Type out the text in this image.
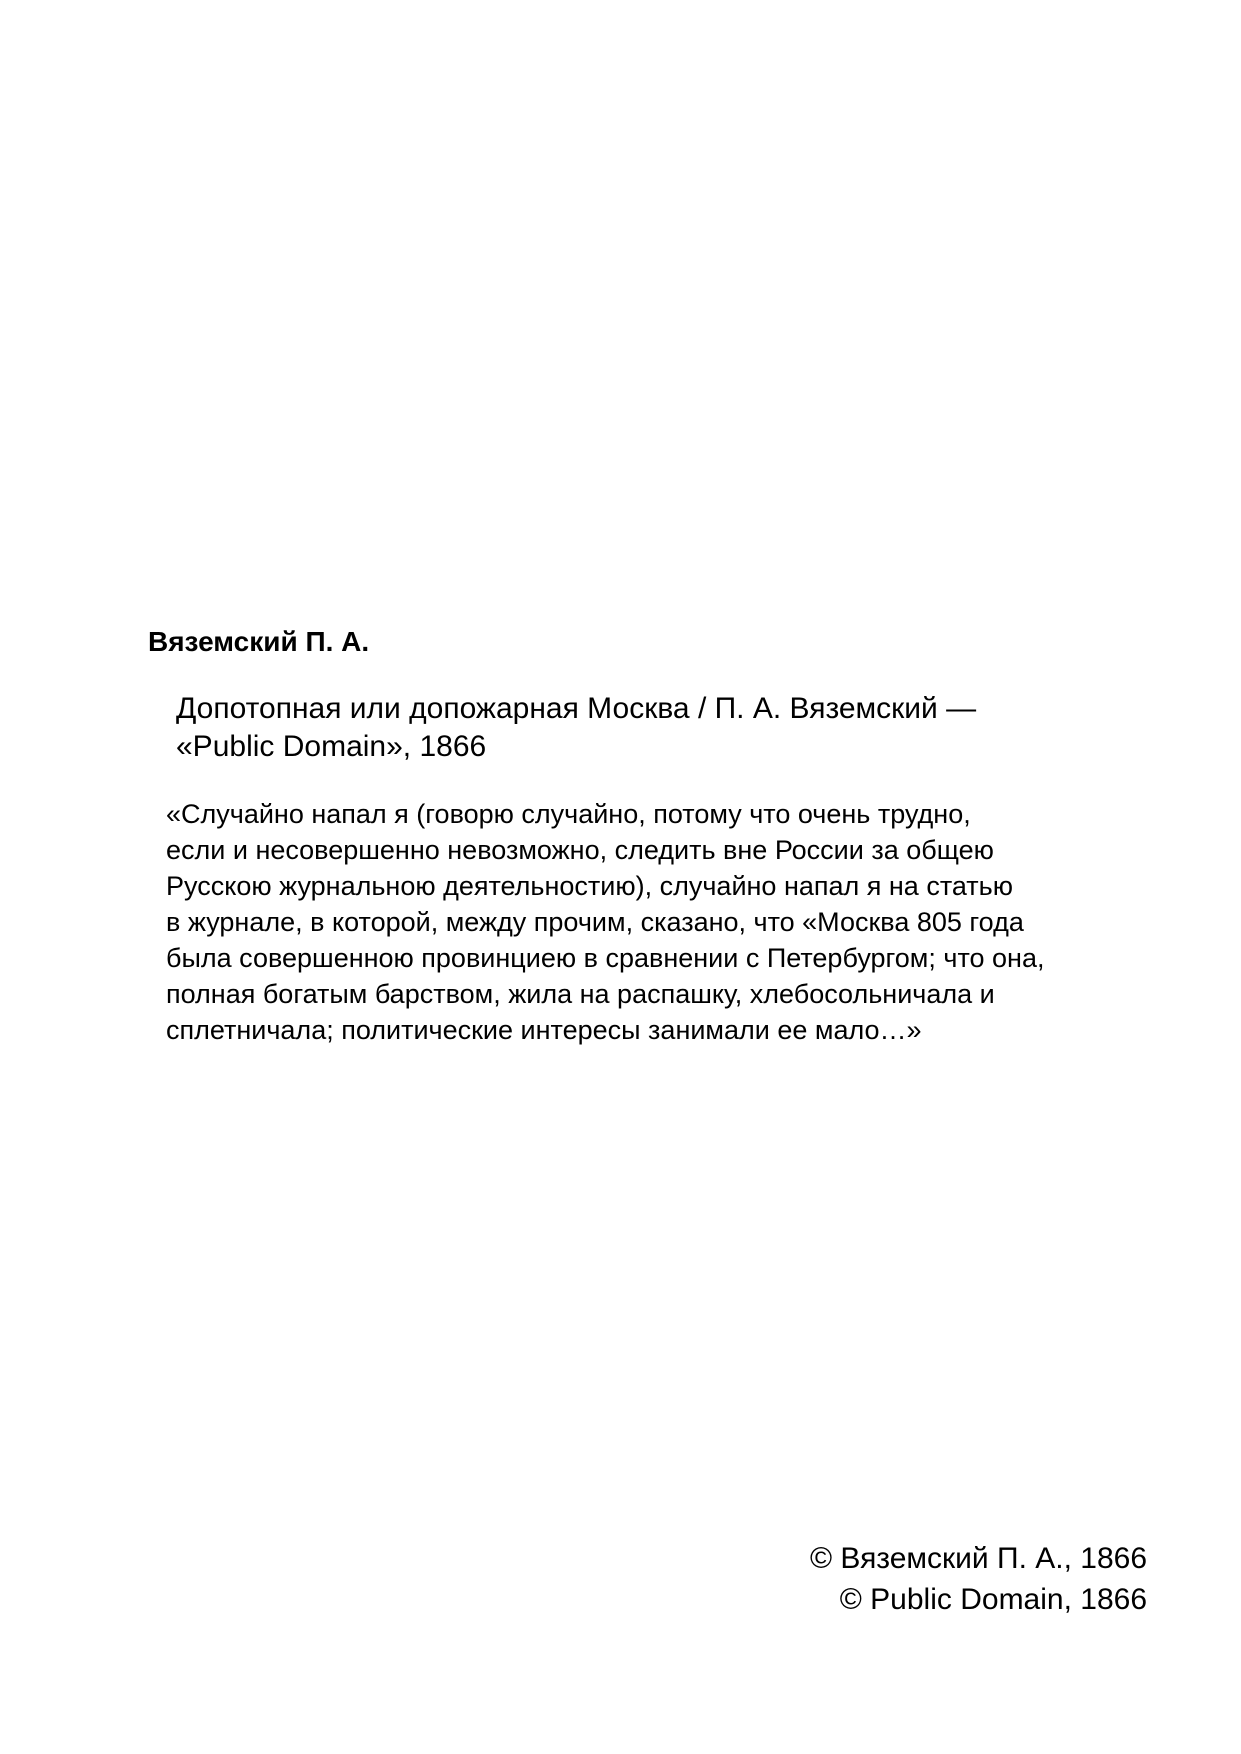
Вяземский П. А.
Допотопная или допожарная Москва / П. А. Вяземский —
«Public Domain», 1866
«Случайно напал я (говорю случайно, потому что очень трудно,
если и несовершенно невозможно, следить вне России за общею
Русскою журнальною деятельностию), случайно напал я на статью
в журнале, в которой, между прочим, сказано, что «Москва 805 года
была совершенною провинциею в сравнении с Петербургом; что она,
полная богатым барством, жила на распашку, хлебосольничала и
сплетничала; политические интересы занимали ее мало…»
© Вяземский П. А., 1866
© Public Domain, 1866
